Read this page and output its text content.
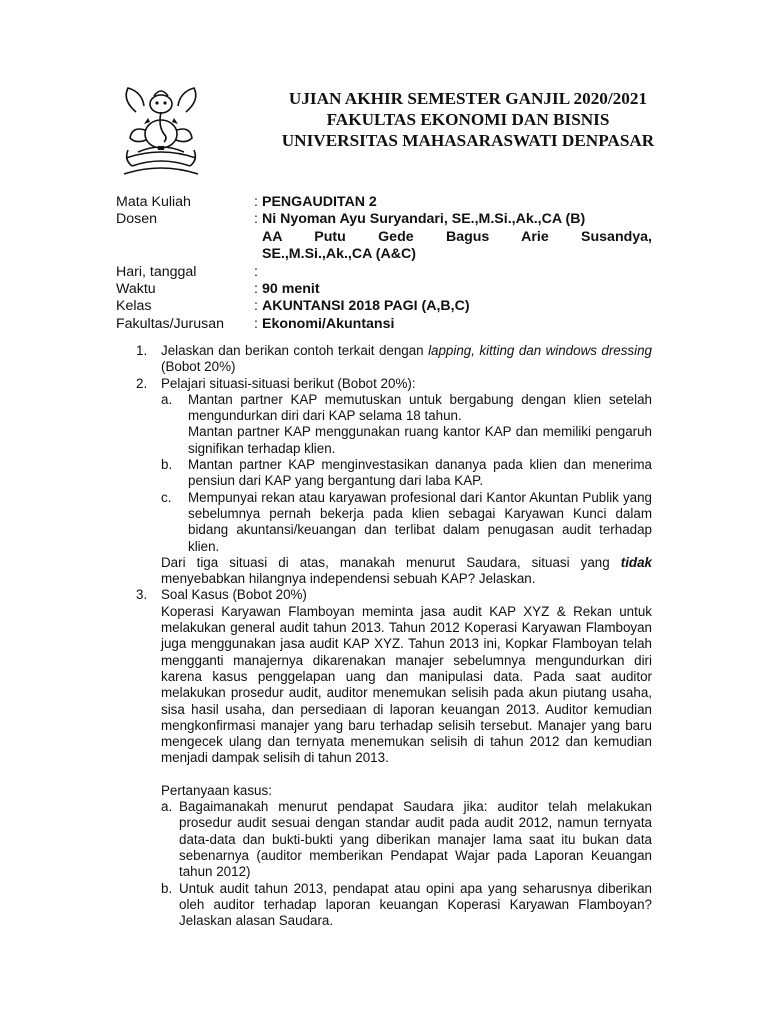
UJIAN AKHIR SEMESTER GANJIL 2020/2021
FAKULTAS EKONOMI DAN BISNIS
UNIVERSITAS MAHASARASWATI DENPASAR
Mata Kuliah	: PENGAUDITAN 2
Dosen	: Ni Nyoman Ayu Suryandari, SE.,M.Si.,Ak.,CA (B)
AA Putu Gede Bagus Arie Susandya,
SE.,M.Si.,Ak.,CA (A&C)
Hari, tanggal	:
Waktu	: 90 menit
Kelas	: AKUNTANSI 2018 PAGI (A,B,C)
Fakultas/Jurusan	: Ekonomi/Akuntansi
1.	Jelaskan dan berikan contoh terkait dengan lapping, kitting dan windows dressing (Bobot 20%)
2.	Pelajari situasi-situasi berikut (Bobot 20%):
a.	Mantan partner KAP memutuskan untuk bergabung dengan klien setelah mengundurkan diri dari KAP selama 18 tahun.
Mantan partner KAP menggunakan ruang kantor KAP dan memiliki pengaruh signifikan terhadap klien.
b.	Mantan partner KAP menginvestasikan dananya pada klien dan menerima pensiun dari KAP yang bergantung dari laba KAP.
c.	Mempunyai rekan atau karyawan profesional dari Kantor Akuntan Publik yang sebelumnya pernah bekerja pada klien sebagai Karyawan Kunci dalam bidang akuntansi/keuangan dan terlibat dalam penugasan audit terhadap klien.
Dari tiga situasi di atas, manakah menurut Saudara, situasi yang tidak menyebabkan hilangnya independensi sebuah KAP? Jelaskan.
3.	Soal Kasus (Bobot 20%)
Koperasi Karyawan Flamboyan meminta jasa audit KAP XYZ & Rekan untuk melakukan general audit tahun 2013. Tahun 2012 Koperasi Karyawan Flamboyan juga menggunakan jasa audit KAP XYZ. Tahun 2013 ini, Kopkar Flamboyan telah mengganti manajernya dikarenakan manajer sebelumnya mengundurkan diri karena kasus penggelapan uang dan manipulasi data. Pada saat auditor melakukan prosedur audit, auditor menemukan selisih pada akun piutang usaha, sisa hasil usaha, dan persediaan di laporan keuangan 2013. Auditor kemudian mengkonfirmasi manajer yang baru terhadap selisih tersebut. Manajer yang baru mengecek ulang dan ternyata menemukan selisih di tahun 2012 dan kemudian menjadi dampak selisih di tahun 2013.
Pertanyaan kasus:
a. Bagaimanakah menurut pendapat Saudara jika: auditor telah melakukan prosedur audit sesuai dengan standar audit pada audit 2012, namun ternyata data-data dan bukti-bukti yang diberikan manajer lama saat itu bukan data sebenarnya (auditor memberikan Pendapat Wajar pada Laporan Keuangan tahun 2012)
b. Untuk audit tahun 2013, pendapat atau opini apa yang seharusnya diberikan oleh auditor terhadap laporan keuangan Koperasi Karyawan Flamboyan? Jelaskan alasan Saudara.
